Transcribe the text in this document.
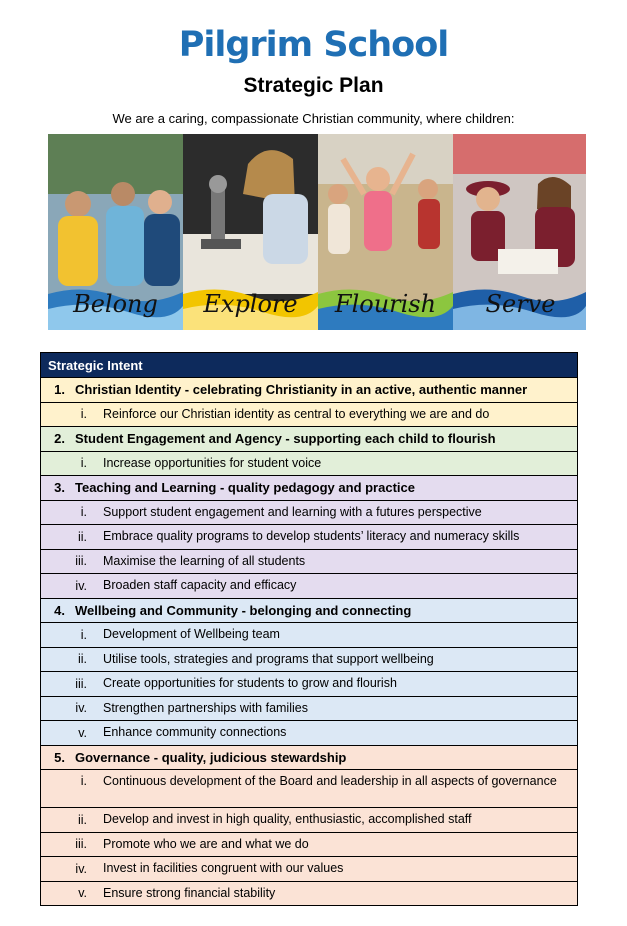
Pilgrim School
Strategic Plan
We are a caring, compassionate Christian community, where children:
Belong	Explore	Flourish	Serve
Strategic Intent
1. Christian Identity - celebrating Christianity in an active, authentic manner
i.	Reinforce our Christian identity as central to everything we are and do
2. Student Engagement and Agency - supporting each child to flourish
i.	Increase opportunities for student voice
3. Teaching and Learning - quality pedagogy and practice
i.	Support student engagement and learning with a futures perspective
ii.	Embrace quality programs to develop students’ literacy and numeracy skills
iii.	Maximise the learning of all students
iv.	Broaden staff capacity and efficacy
4. Wellbeing and Community - belonging and connecting
i.	Development of Wellbeing team
ii.	Utilise tools, strategies and programs that support wellbeing
iii.	Create opportunities for students to grow and flourish
iv.	Strengthen partnerships with families
v.	Enhance community connections
5. Governance - quality, judicious stewardship
i.	Continuous development of the Board and leadership in all aspects of governance
ii.	Develop and invest in high quality, enthusiastic, accomplished staff
iii.	Promote who we are and what we do
iv.	Invest in facilities congruent with our values
v.	Ensure strong financial stability
